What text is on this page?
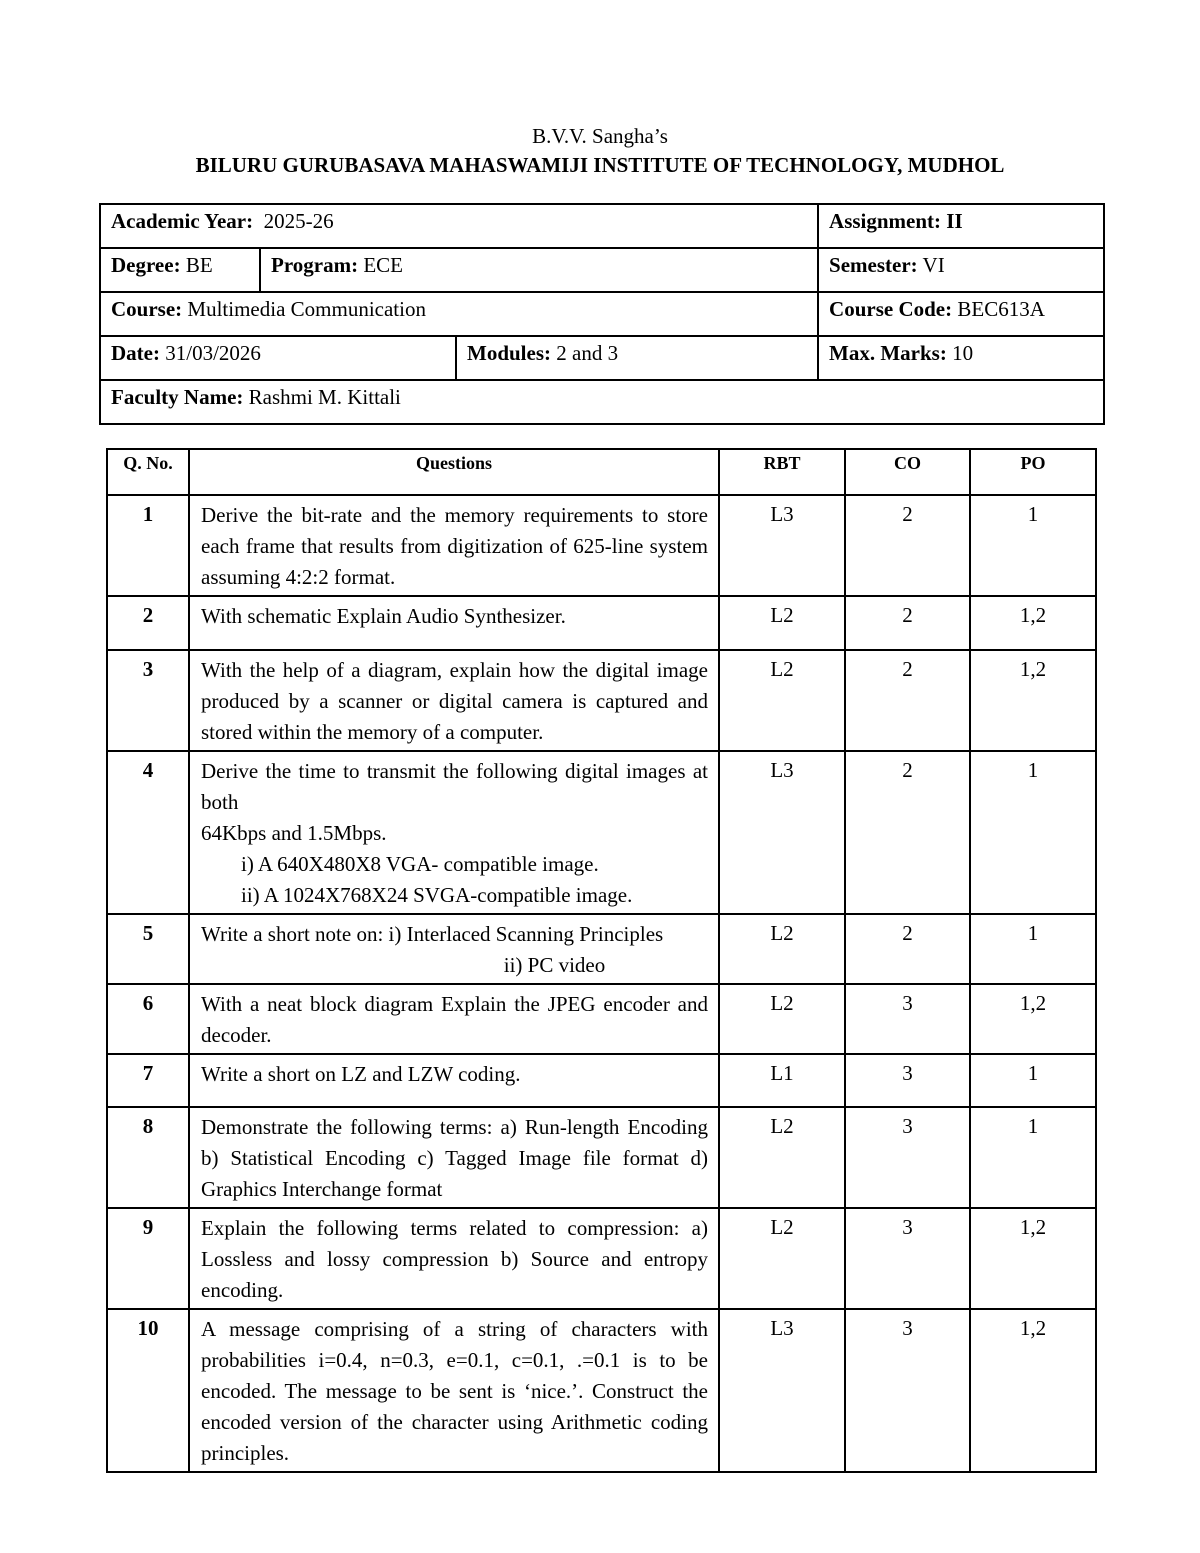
B.V.V. Sangha’s
BILURU GURUBASAVA MAHASWAMIJI INSTITUTE OF TECHNOLOGY, MUDHOL
Academic Year: 2025-26			Assignment: II
Degree: BE	Program: ECE		Semester: VI
Course: Multimedia Communication			Course Code: BEC613A
Date: 31/03/2026		Modules: 2 and 3	Max. Marks: 10
Faculty Name: Rashmi M. Kittali			
Q. No.	Questions	RBT	CO	PO
1	Derive the bit-rate and the memory requirements to store each frame that results from digitization of 625-line system assuming 4:2:2 format.	L3	2	1
2	With schematic Explain Audio Synthesizer.	L2	2	1,2
3	With the help of a diagram, explain how the digital image produced by a scanner or digital camera is captured and stored within the memory of a computer.	L2	2	1,2
4	Derive the time to transmit the following digital images at both
64Kbps and 1.5Mbps.
i) A 640X480X8 VGA- compatible image.
ii) A 1024X768X24 SVGA-compatible image.	L3	2	1
5	Write a short note on: i) Interlaced Scanning Principles
ii) PC video	L2	2	1
6	With a neat block diagram Explain the JPEG encoder and decoder.	L2	3	1,2
7	Write a short on LZ and LZW coding.	L1	3	1
8	Demonstrate the following terms: a) Run-length Encoding b) Statistical Encoding c) Tagged Image file format d) Graphics Interchange format	L2	3	1
9	Explain the following terms related to compression: a) Lossless and lossy compression b) Source and entropy encoding.	L2	3	1,2
10	A message comprising of a string of characters with probabilities i=0.4, n=0.3, e=0.1, c=0.1, .=0.1 is to be encoded. The message to be sent is ‘nice.’. Construct the encoded version of the character using Arithmetic coding principles.	L3	3	1,2
